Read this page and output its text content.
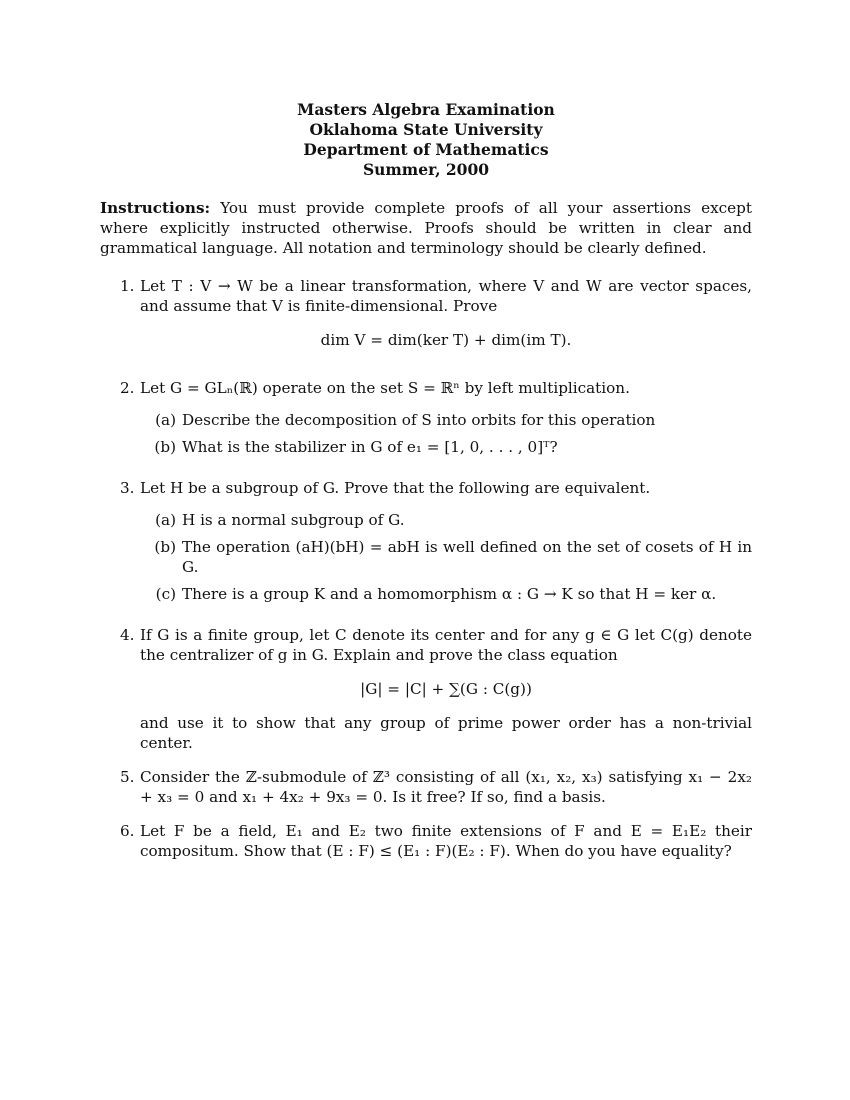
Masters Algebra Examination
Oklahoma State University
Department of Mathematics
Summer, 2000

Instructions: You must provide complete proofs of all your assertions except where explicitly instructed otherwise. Proofs should be written in clear and grammatical language. All notation and terminology should be clearly defined.

1. Let T : V → W be a linear transformation, where V and W are vector spaces, and assume that V is finite-dimensional. Prove
dim V = dim(ker T) + dim(im T).
2. Let G = GLₙ(ℝ) operate on the set S = ℝⁿ by left multiplication.
(a) Describe the decomposition of S into orbits for this operation
(b) What is the stabilizer in G of e₁ = [1, 0, . . . , 0]ᵀ?
3. Let H be a subgroup of G. Prove that the following are equivalent.
(a) H is a normal subgroup of G.
(b) The operation (aH)(bH) = abH is well defined on the set of cosets of H in G.
(c) There is a group K and a homomorphism α : G → K so that H = ker α.
4. If G is a finite group, let C denote its center and for any g ∈ G let C(g) denote the centralizer of g in G. Explain and prove the class equation
|G| = |C| + ∑(G : C(g))
and use it to show that any group of prime power order has a non-trivial center.
5. Consider the ℤ-submodule of ℤ³ consisting of all (x₁, x₂, x₃) satisfying x₁ − 2x₂ + x₃ = 0 and x₁ + 4x₂ + 9x₃ = 0. Is it free? If so, find a basis.
6. Let F be a field, E₁ and E₂ two finite extensions of F and E = E₁E₂ their compositum. Show that (E : F) ≤ (E₁ : F)(E₂ : F). When do you have equality?
